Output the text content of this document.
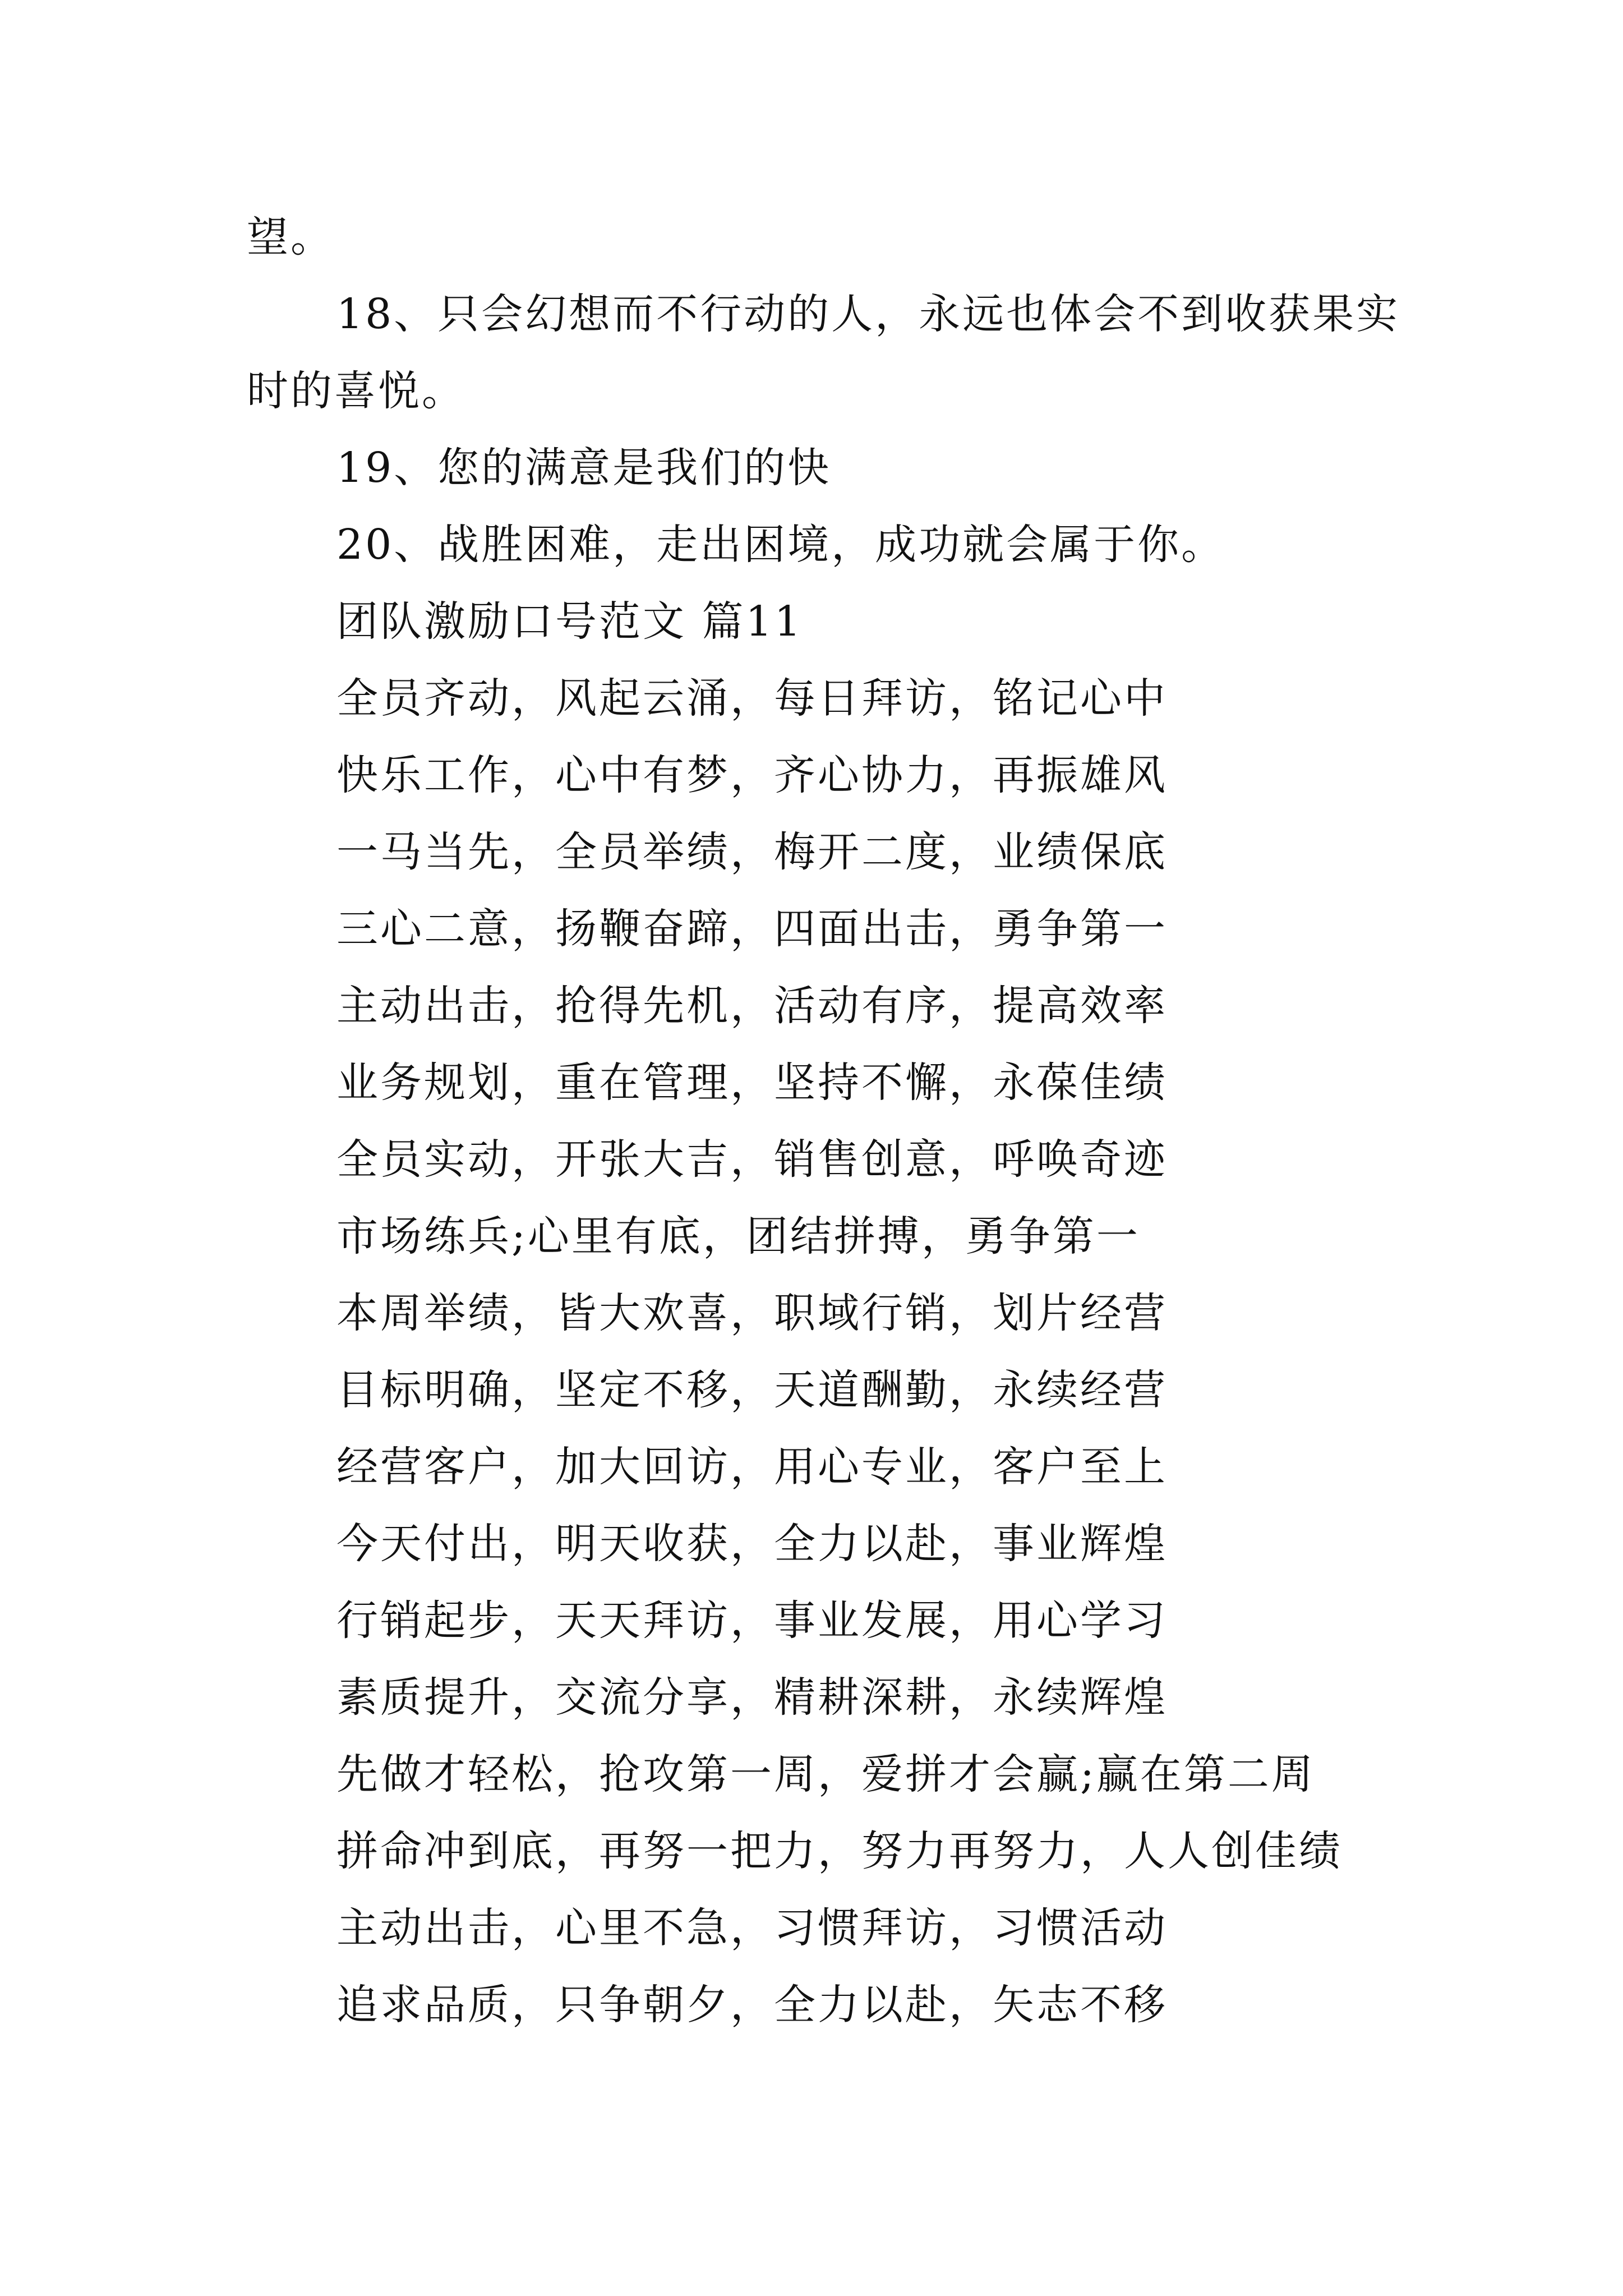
望。
18、只会幻想而不行动的人，永远也体会不到收获果实
时的喜悦。
19、您的满意是我们的快
20、战胜困难，走出困境，成功就会属于你。
团队激励口号范文 篇11
全员齐动，风起云涌，每日拜访，铭记心中
快乐工作，心中有梦，齐心协力，再振雄风
一马当先，全员举绩，梅开二度，业绩保底
三心二意，扬鞭奋蹄，四面出击，勇争第一
主动出击，抢得先机，活动有序，提高效率
业务规划，重在管理，坚持不懈，永葆佳绩
全员实动，开张大吉，销售创意，呼唤奇迹
市场练兵;心里有底，团结拼搏，勇争第一
本周举绩，皆大欢喜，职域行销，划片经营
目标明确，坚定不移，天道酬勤，永续经营
经营客户，加大回访，用心专业，客户至上
今天付出，明天收获，全力以赴，事业辉煌
行销起步，天天拜访，事业发展，用心学习
素质提升，交流分享，精耕深耕，永续辉煌
先做才轻松，抢攻第一周，爱拼才会赢;赢在第二周
拼命冲到底，再努一把力，努力再努力，人人创佳绩
主动出击，心里不急，习惯拜访，习惯活动
追求品质，只争朝夕，全力以赴，矢志不移
